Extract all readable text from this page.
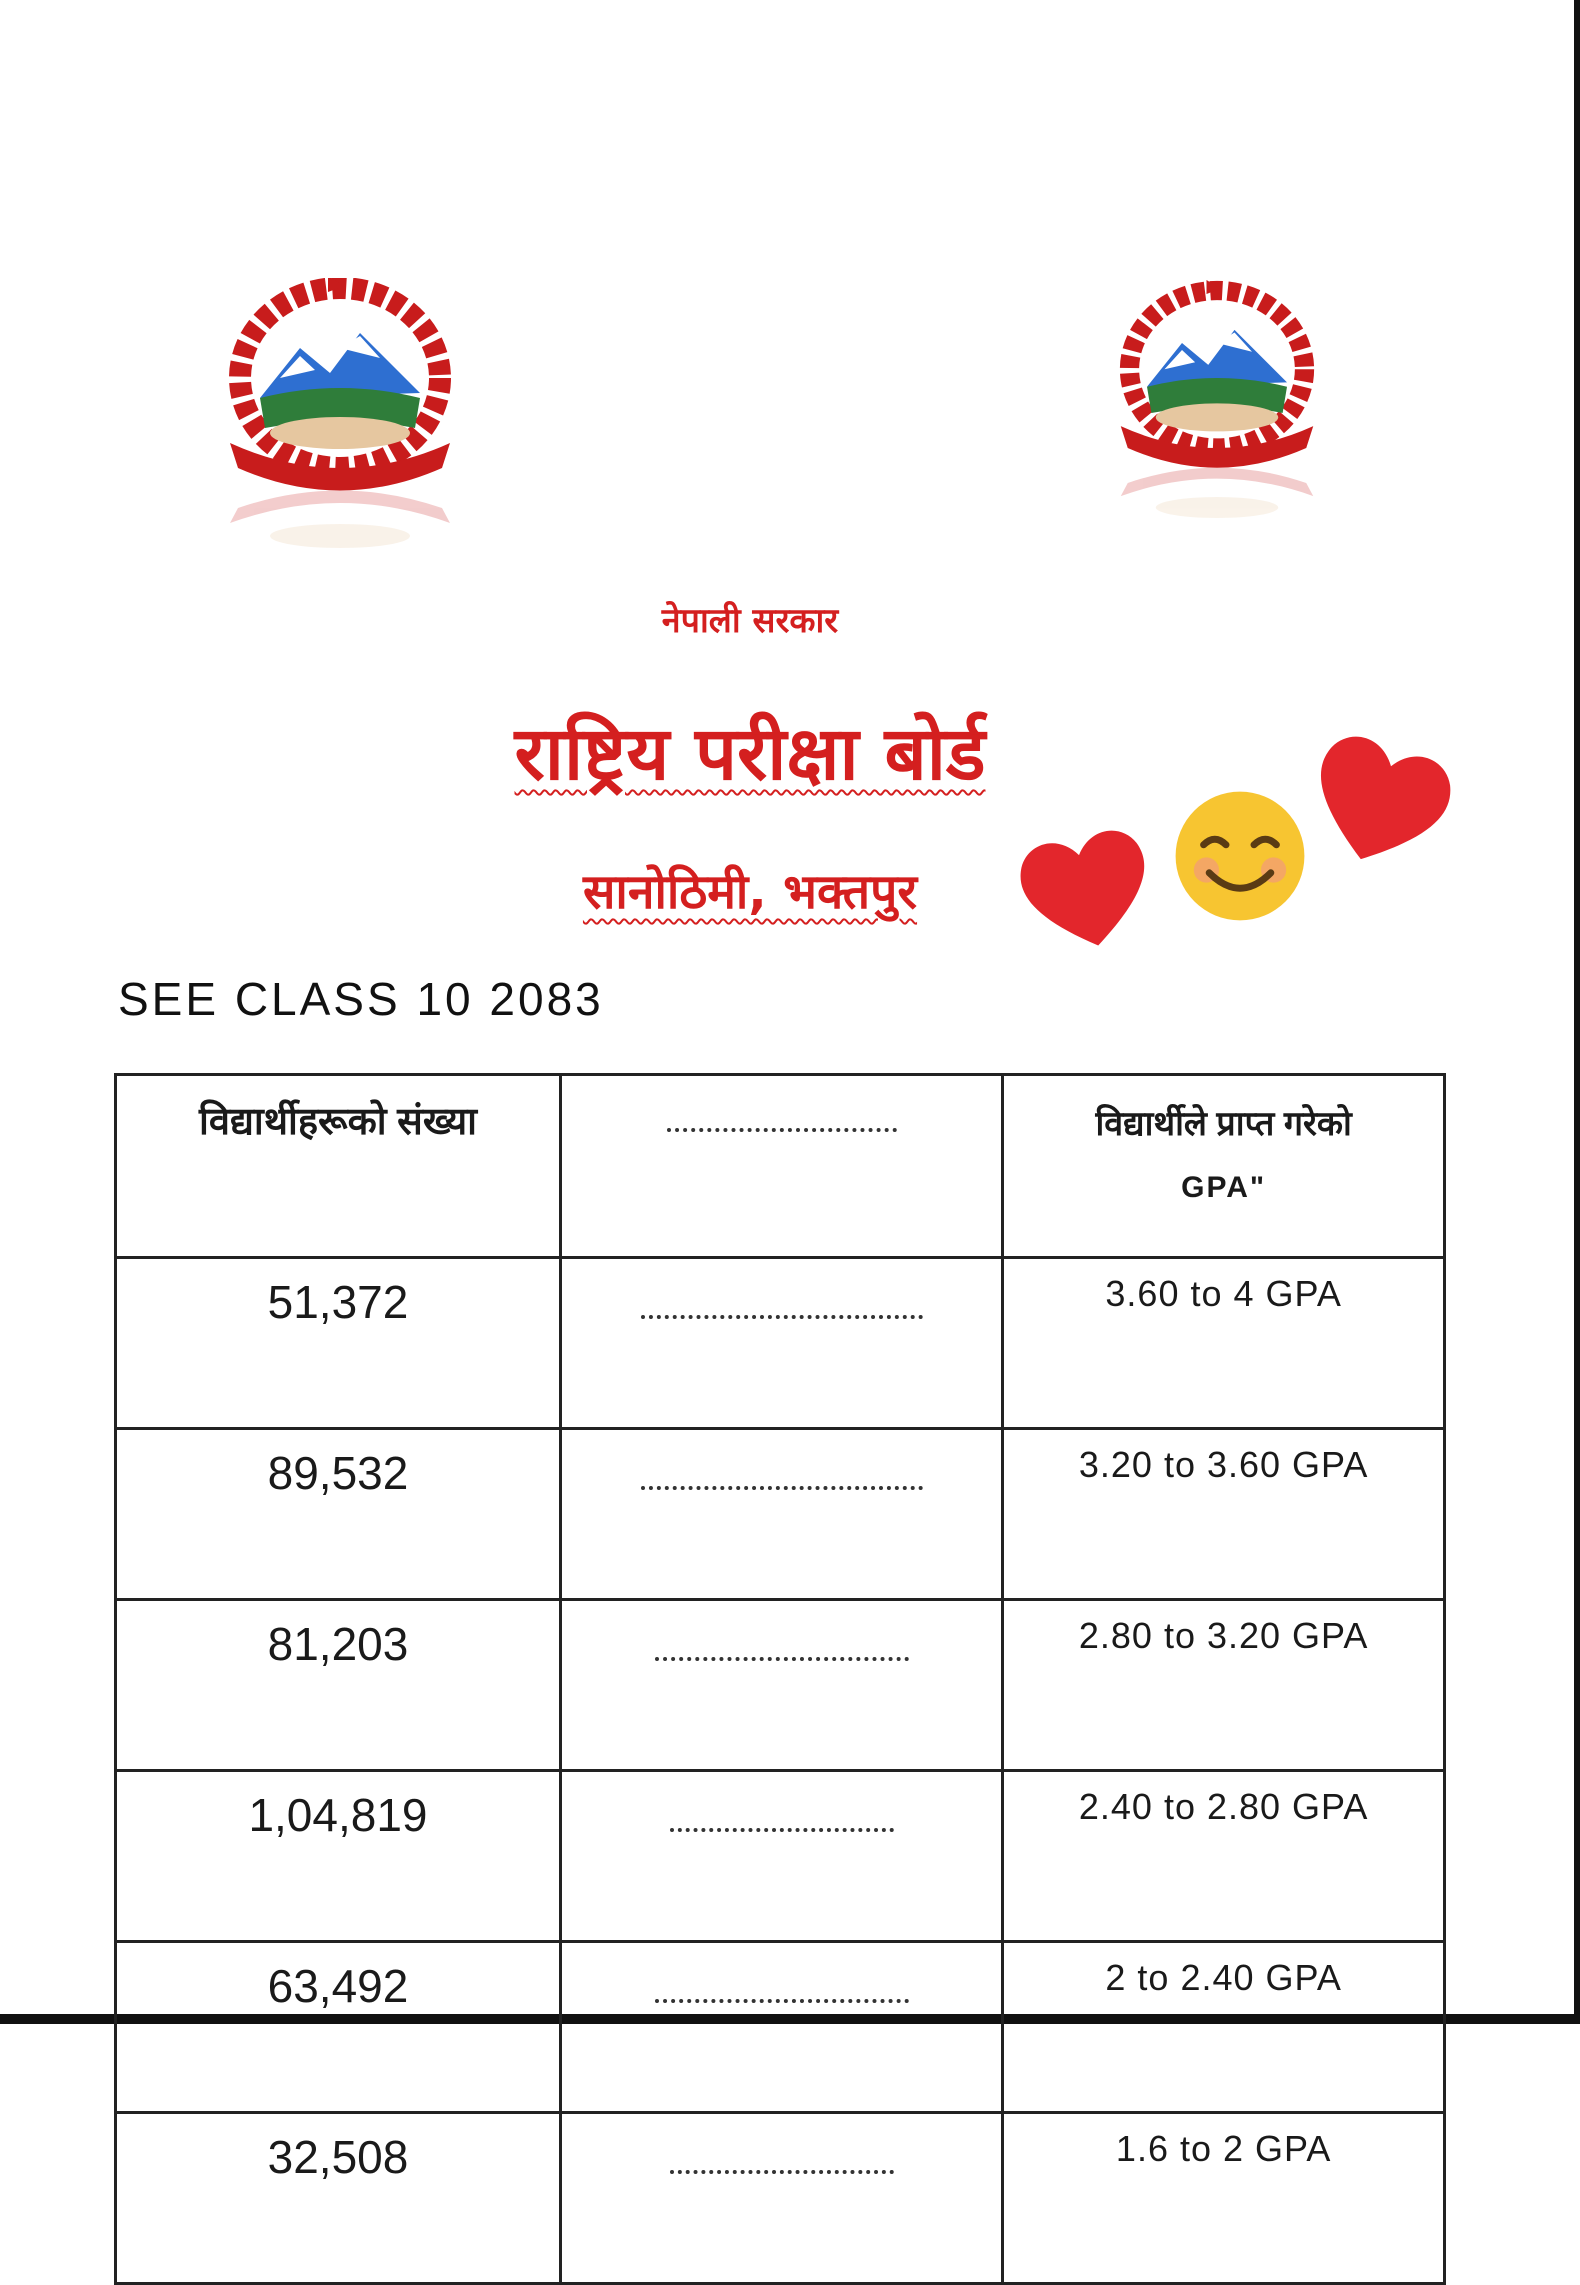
नेपाली सरकार
राष्ट्रिय परीक्षा बोर्ड
सानोठिमी, भक्तपुर
SEE CLASS 10 2083
विद्यार्थीहरूको संख्या		विद्यार्थीले प्राप्त गरेको
GPA"

51,372		3.60 to 4 GPA
89,532		3.20 to 3.60 GPA
81,203		2.80 to 3.20 GPA
1,04,819		2.40 to 2.80 GPA
63,492		2 to 2.40 GPA
32,508		1.6 to 2 GPA
